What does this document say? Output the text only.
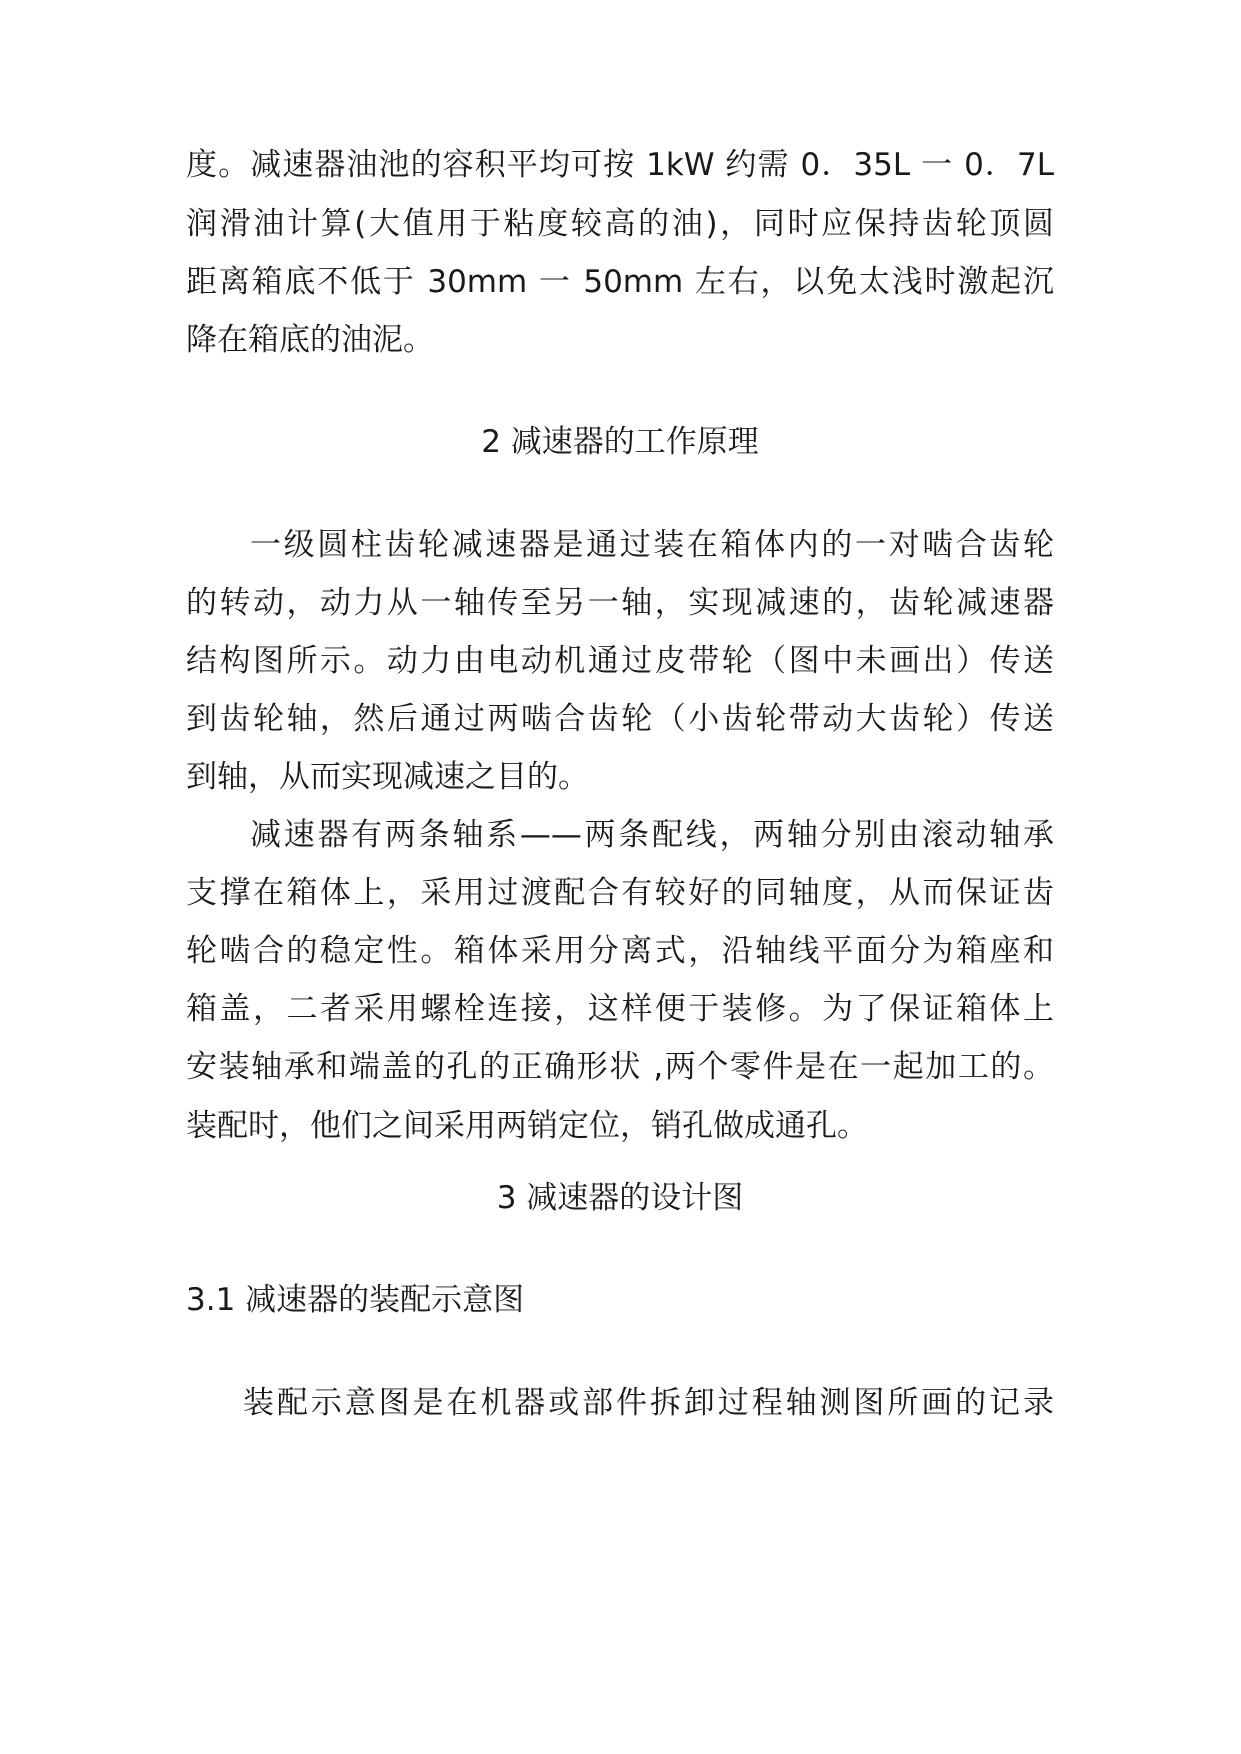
度。减速器油池的容积平均可按 1kW 约需 0．35L 一 0．7L

润滑油计算(大值用于粘度较高的油)，同时应保持齿轮顶圆

距离箱底不低于 30mm 一 50mm 左右，以免太浅时激起沉

降在箱底的油泥。

2 减速器的工作原理

一级圆柱齿轮减速器是通过装在箱体内的一对啮合齿轮

的转动，动力从一轴传至另一轴，实现减速的，齿轮减速器

结构图所示。动力由电动机通过皮带轮（图中未画出）传送

到齿轮轴，然后通过两啮合齿轮（小齿轮带动大齿轮）传送

到轴，从而实现减速之目的。

减速器有两条轴系——两条配线，两轴分别由滚动轴承

支撑在箱体上，采用过渡配合有较好的同轴度，从而保证齿

轮啮合的稳定性。箱体采用分离式，沿轴线平面分为箱座和

箱盖，二者采用螺栓连接，这样便于装修。为了保证箱体上

安装轴承和端盖的孔的正确形状 ,两个零件是在一起加工的。

装配时，他们之间采用两销定位，销孔做成通孔。

3 减速器的设计图
3.1 减速器的装配示意图

装配示意图是在机器或部件拆卸过程轴测图所画的记录
